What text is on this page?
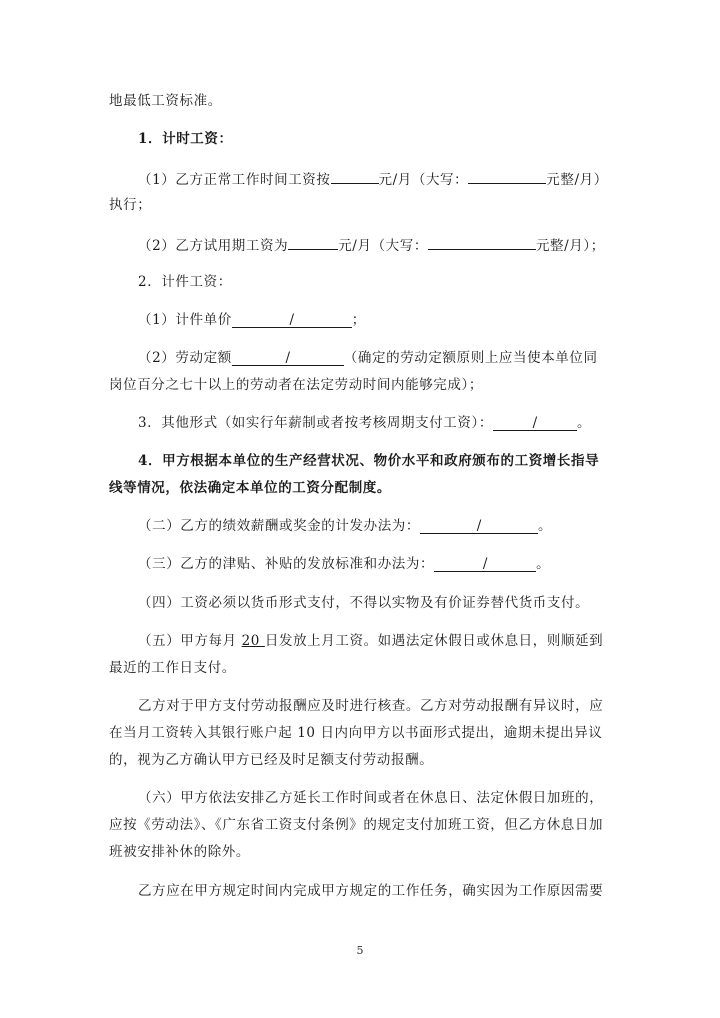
地最低工资标准。
1．计时工资：
（1）乙方正常工作时间工资按	元/月（大写：	元整/月）
执行；
（2）乙方试用期工资为	元/月（大写：	元整/月）；
2．计件工资：
（1）计件单价	/	；
（2）劳动定额	/	（确定的劳动定额原则上应当使本单位同
岗位百分之七十以上的劳动者在法定劳动时间内能够完成）；
3．其他形式（如实行年薪制或者按考核周期支付工资）：	/	。
4．甲方根据本单位的生产经营状况、物价水平和政府颁布的工资增长指导
线等情况，依法确定本单位的工资分配制度。
（二）乙方的绩效薪酬或奖金的计发办法为：	/	。
（三）乙方的津贴、补贴的发放标准和办法为：	/	。
（四）工资必须以货币形式支付，不得以实物及有价证券替代货币支付。
（五）甲方每月 20 日发放上月工资。如遇法定休假日或休息日，则顺延到
最近的工作日支付。
乙方对于甲方支付劳动报酬应及时进行核查。乙方对劳动报酬有异议时，应
在当月工资转入其银行账户起 10 日内向甲方以书面形式提出，逾期未提出异议
的，视为乙方确认甲方已经及时足额支付劳动报酬。
（六）甲方依法安排乙方延长工作时间或者在休息日、法定休假日加班的，
应按《劳动法》、《广东省工资支付条例》的规定支付加班工资，但乙方休息日加
班被安排补休的除外。
乙方应在甲方规定时间内完成甲方规定的工作任务，确实因为工作原因需要
5
